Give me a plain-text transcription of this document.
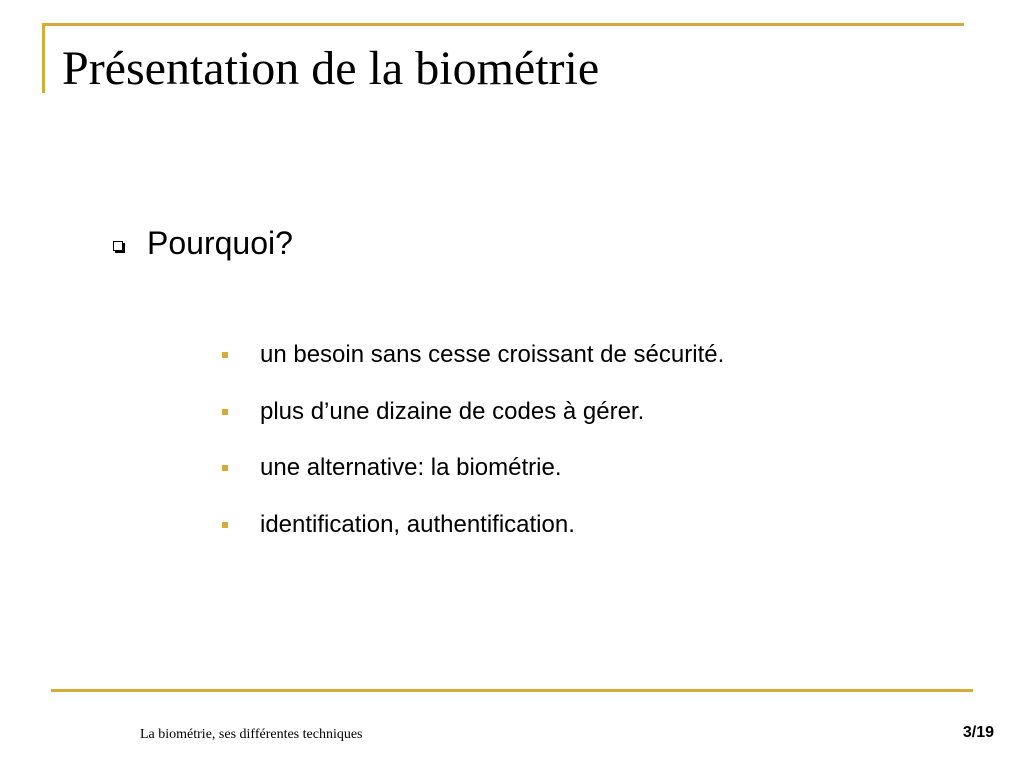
Présentation de la biométrie
Pourquoi?
un besoin sans cesse croissant de sécurité.
plus d’une dizaine de codes à gérer.
une alternative: la biométrie.
identification, authentification.
La biométrie, ses différentes techniques	3/19
